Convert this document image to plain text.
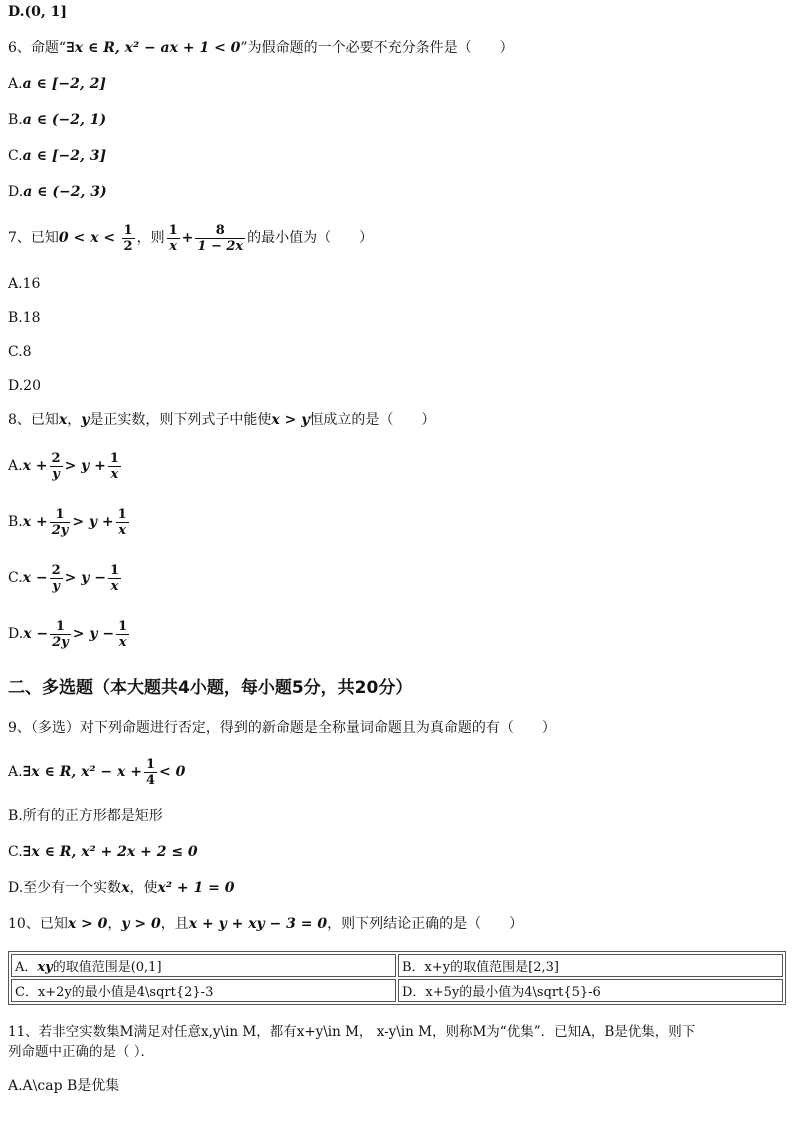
D.(0, 1]
6、命题“∃x ∈ R, x² − ax + 1 < 0”为假命题的一个必要不充分条件是（　　）
A.a ∈ [−2, 2]
B.a ∈ (−2, 1)
C.a ∈ [−2, 3]
D.a ∈ (−2, 3)
7、已知$0 < x < \frac{1}{2}$ ，则 $\frac{1}{x} + \frac{8}{1 - 2x}$ 的最小值为（　　）
A.16
B.18
C.8
D.20
8、已知x，y是正实数，则下列式子中能使x > y恒成立的是（　　）
$A.x + \frac{2}{y} > y + \frac{1}{x}$
$B.x + \frac{1}{2y} > y + \frac{1}{x}$
$C.x - \frac{2}{y} > y - \frac{1}{x}$
$D.x - \frac{1}{2y} > y - \frac{1}{x}$
二、多选题（本大题共4小题，每小题5分，共20分）
9、（多选）对下列命题进行否定，得到的新命题是全称量词命题且为真命题的有（　　）
A.∃x ∈ R, $x^2 - x + \frac{1}{4} < 0$
B.所有的正方形都是矩形
C.∃x ∈ R, x² + 2x + 2 ≤ 0
D.至少有一个实数x，使x² + 1 = 0
10、已知x > 0，y > 0，且x + y + xy − 3 = 0，则下列结论正确的是（　　）
A．xy的取值范围是(0,1]	B．x+y的取值范围是[2,3]
C．x+2y的最小值是4\sqrt{2}-3	D．x+5y的最小值为4\sqrt{5}-6
11、若非空实数集M满足对任意x,y\in M，都有x+y\in M， x-y\in M，则称M为“优集”．已知A，B是优集，则下
列命题中正确的是（ ）．
A.A\cap B是优集
